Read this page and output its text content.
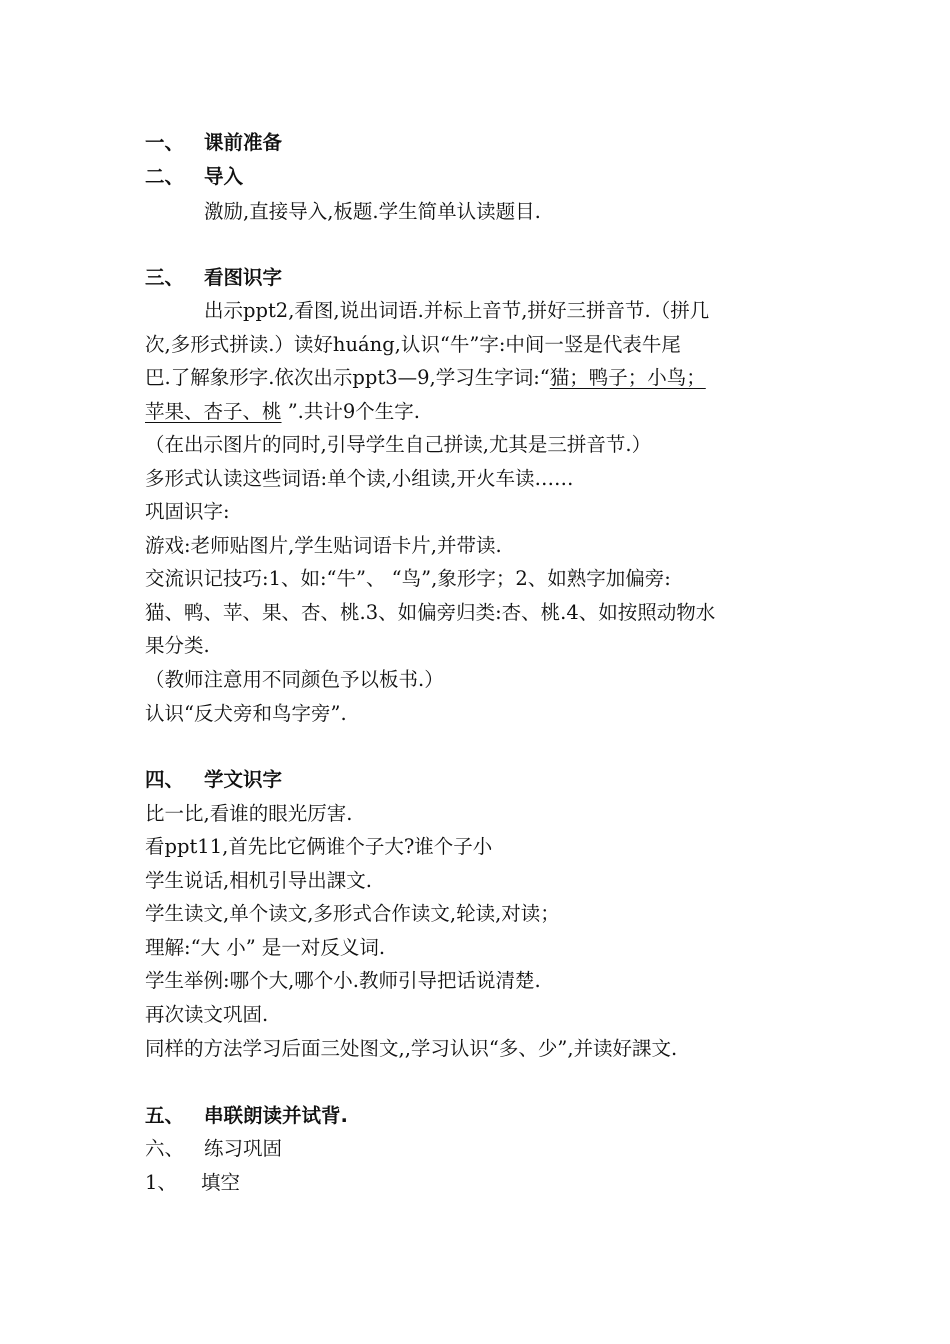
一、 课前准备
二、 导入
激励,直接导入,板题.学生简单认读题目.
三、 看图识字
出示ppt2,看图,说出词语.并标上音节,拼好三拼音节.（拼几
次,多形式拼读.）读好huáng,认识“牛”字:中间一竖是代表牛尾
巴.了解象形字.依次出示ppt3—9,学习生字词:“猫；鸭子；小鸟；
苹果、杏子、桃 ”.共计9个生字.
（在出示图片的同时,引导学生自己拼读,尤其是三拼音节.）
多形式认读这些词语:单个读,小组读,开火车读……
巩固识字:
游戏:老师贴图片,学生贴词语卡片,并带读.
交流识记技巧:1、如:“牛”、 “鸟”,象形字；2、如熟字加偏旁:
猫、鸭、苹、果、杏、桃.3、如偏旁归类:杏、桃.4、如按照动物水
果分类.
（教师注意用不同颜色予以板书.）
认识“反犬旁和鸟字旁”.
四、 学文识字
比一比,看谁的眼光厉害.
看ppt11,首先比它俩谁个子大?谁个子小
学生说话,相机引导出課文.
学生读文,单个读文,多形式合作读文,轮读,对读；
理解:“大 小” 是一对反义词.
学生举例:哪个大,哪个小.教师引导把话说清楚.
再次读文巩固.
同样的方法学习后面三处图文,,学习认识“多、少”,并读好課文.
五、 串联朗读并试背.
六、 练习巩固
1、 填空
